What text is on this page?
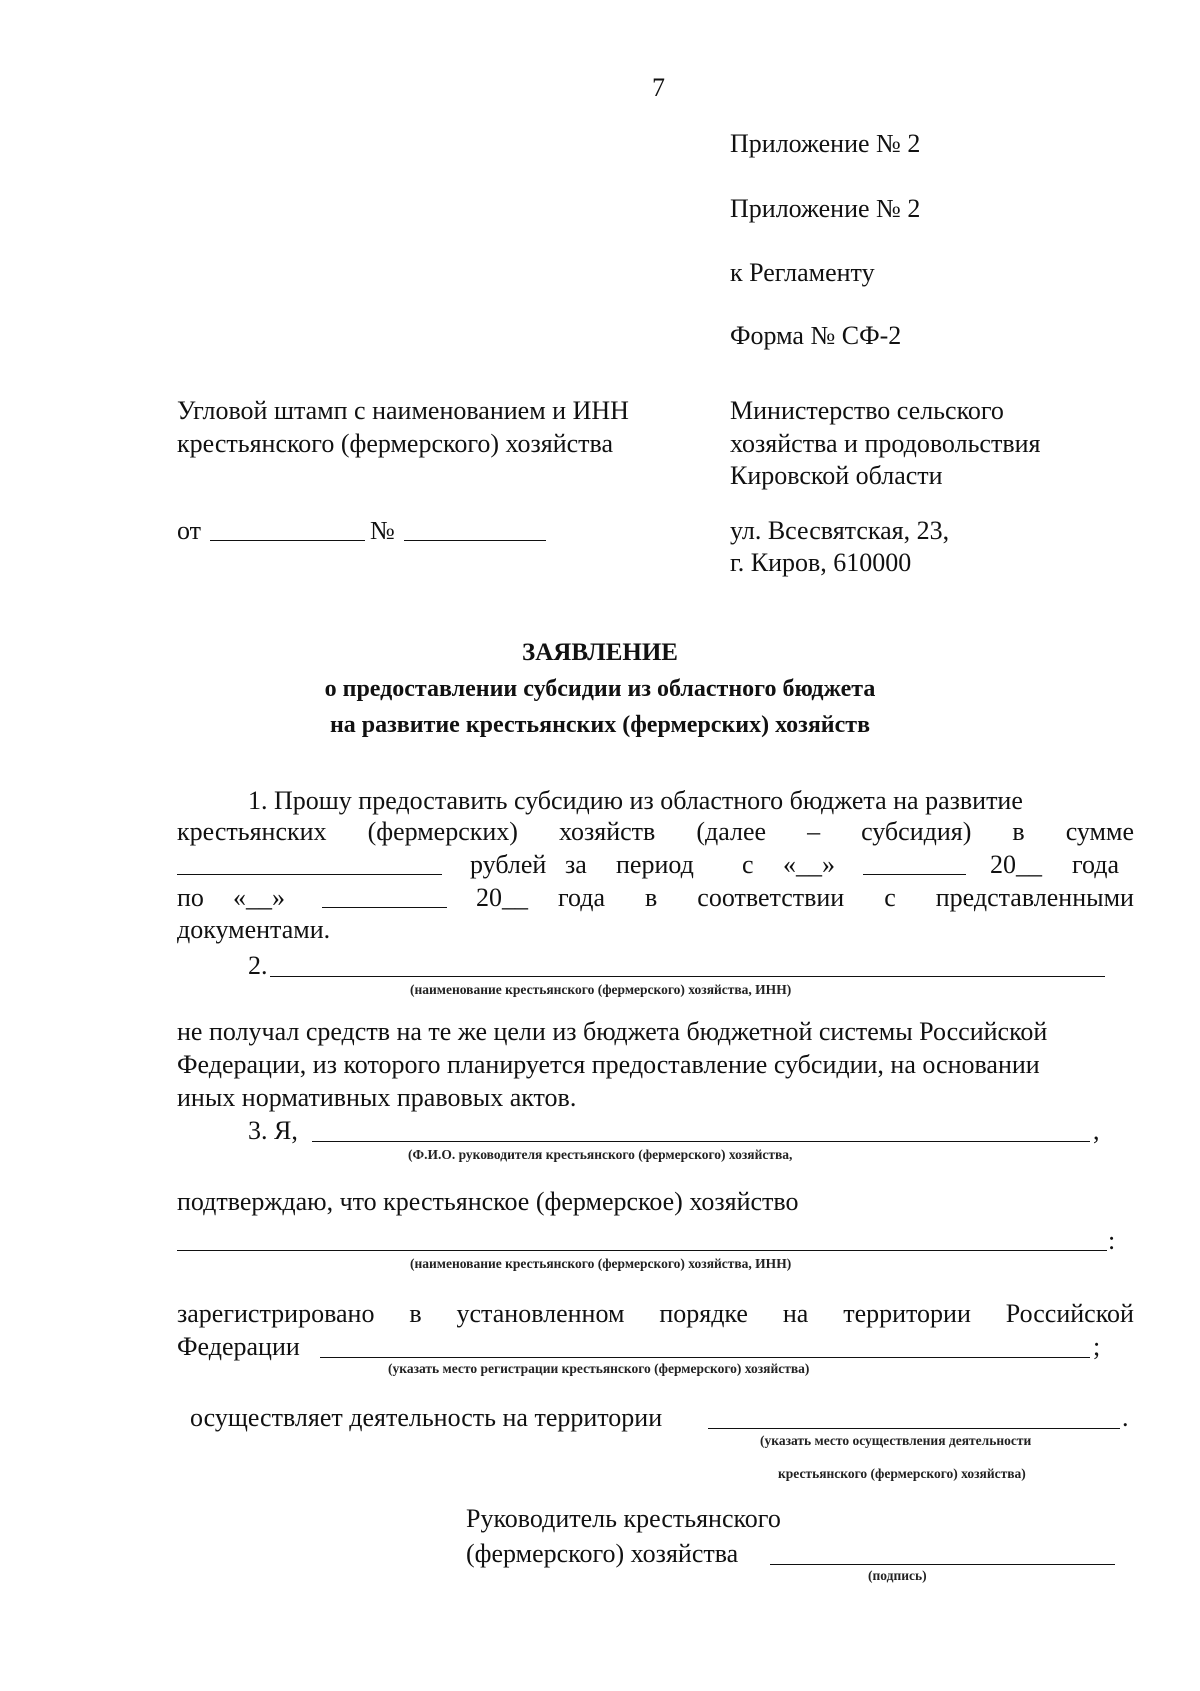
7
Приложение № 2
Приложение № 2
к Регламенту
Форма № СФ-2
Угловой штамп с наименованием и ИНН
крестьянского (фермерского) хозяйства
от	№
Министерство сельского
хозяйства и продовольствия
Кировской области
ул. Всесвятская, 23,
г. Киров, 610000
ЗАЯВЛЕНИЕ
о предоставлении субсидии из областного бюджета
на развитие крестьянских (фермерских) хозяйств
1. Прошу предоставить субсидию из областного бюджета на развитие
крестьянских (фермерских) хозяйств (далее – субсидия) в сумме
рублей за период с «__»	20__ года
по «__»	20__ года в соответствии с представленными
документами.
2.
(наименование крестьянского (фермерского) хозяйства, ИНН)
не получал средств на те же цели из бюджета бюджетной системы Российской
Федерации, из которого планируется предоставление субсидии, на основании
иных нормативных правовых актов.
3. Я,	,
(Ф.И.О. руководителя крестьянского (фермерского) хозяйства,
подтверждаю, что крестьянское (фермерское) хозяйство
:
(наименование крестьянского (фермерского) хозяйства, ИНН)
зарегистрировано в установленном порядке на территории Российской
Федерации	;
(указать место регистрации крестьянского (фермерского) хозяйства)
осуществляет деятельность на территории	.
(указать место осуществления деятельности
крестьянского (фермерского) хозяйства)
Руководитель крестьянского
(фермерского) хозяйства
(подпись)
